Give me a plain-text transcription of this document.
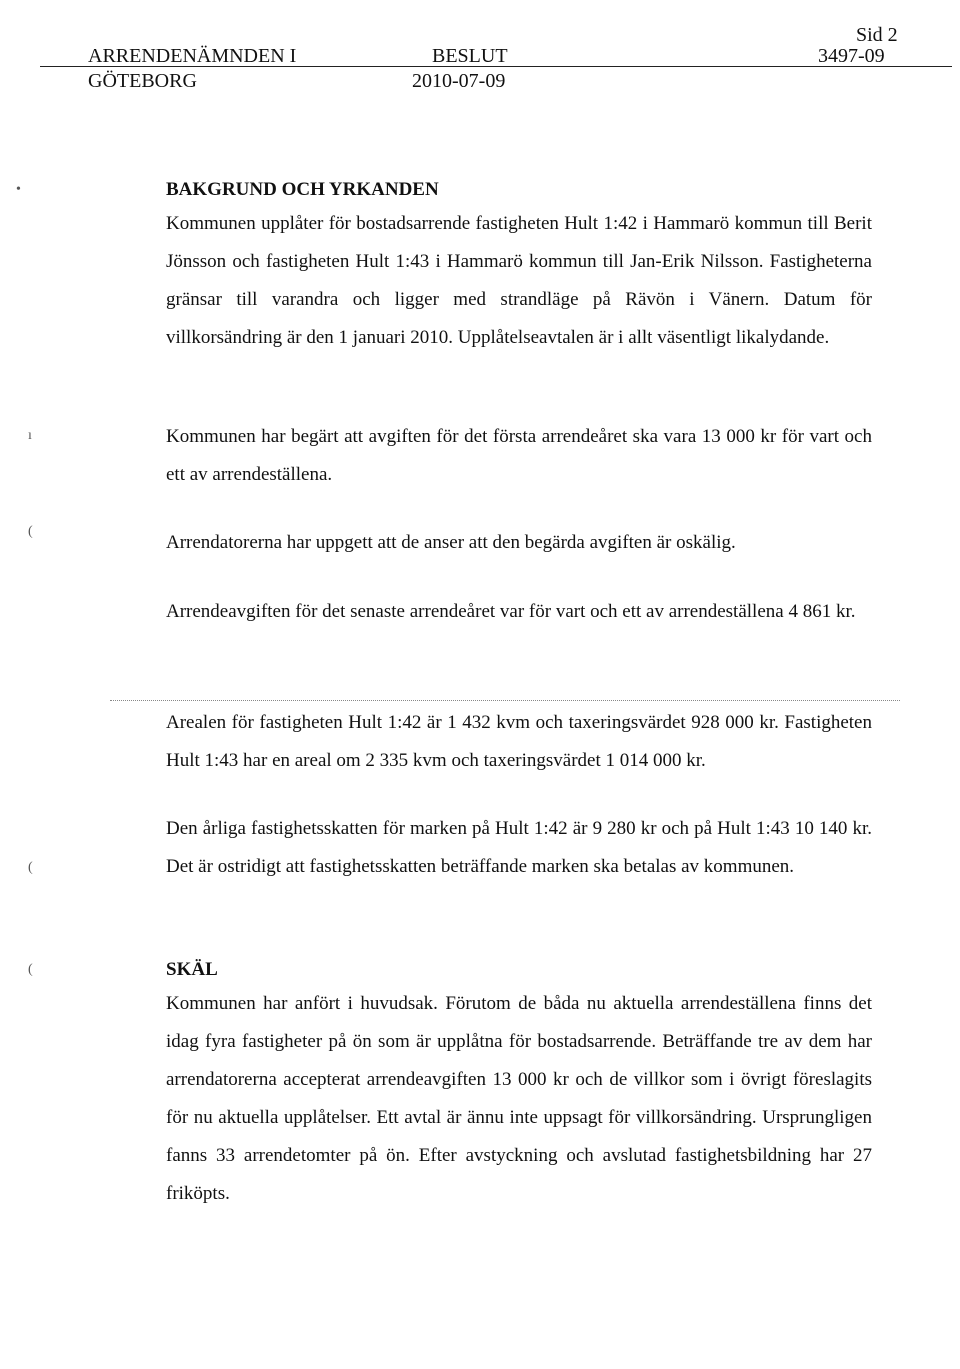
Sid 2
ARRENDENÄMNDEN I
GÖTEBORG
BESLUT
2010-07-09
3497-09
•
ı
(
(
(
BAKGRUND OCH YRKANDEN
Kommunen upplåter för bostadsarrende fastigheten Hult 1:42 i Hammarö kommun till Berit Jönsson och fastigheten Hult 1:43 i Hammarö kommun till Jan-Erik Nilsson. Fastigheterna gränsar till varandra och ligger med strandläge på Rävön i Vänern. Datum för villkorsändring är den 1 januari 2010. Upplåtelseavtalen är i allt väsentligt likalydande.
Kommunen har begärt att avgiften för det första arrendeåret ska vara 13 000 kr för vart och ett av arrendeställena.
Arrendatorerna har uppgett att de anser att den begärda avgiften är oskälig.
Arrendeavgiften för det senaste arrendeåret var för vart och ett av arrendeställena 4 861 kr.
Arealen för fastigheten Hult 1:42 är 1 432 kvm och taxeringsvärdet 928 000 kr. Fastigheten Hult 1:43 har en areal om 2 335 kvm och taxeringsvärdet 1 014 000 kr.
Den årliga fastighetsskatten för marken på Hult 1:42 är 9 280 kr och på Hult 1:43 10 140 kr. Det är ostridigt att fastighetsskatten beträffande marken ska betalas av kommunen.
SKÄL
Kommunen har anfört i huvudsak. Förutom de båda nu aktuella arrendeställena finns det idag fyra fastigheter på ön som är upplåtna för bostadsarrende. Beträffande tre av dem har arrendatorerna accepterat arrendeavgiften 13 000 kr och de villkor som i övrigt föreslagits för nu aktuella upplåtelser. Ett avtal är ännu inte uppsagt för villkorsändring. Ursprungligen fanns 33 arrendetomter på ön. Efter avstyckning och avslutad fastighetsbildning har 27 friköpts.
